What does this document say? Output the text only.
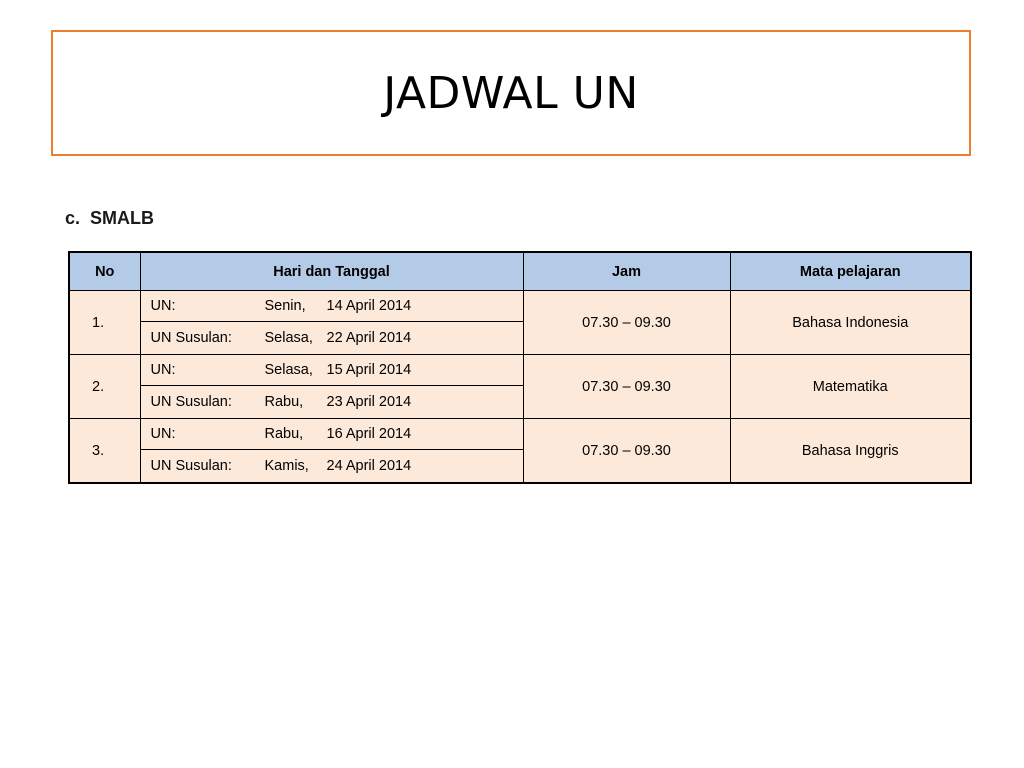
JADWAL UN
c.  SMALB
No	Hari dan Tanggal	Jam	Mata pelajaran
1.	UN: Senin, 14 April 2014	07.30 – 09.30	Bahasa Indonesia

	UN Susulan: Selasa, 22 April 2014		

2.	UN: Selasa, 15 April 2014	07.30 – 09.30	Matematika

	UN Susulan: Rabu, 23 April 2014		

3.	UN: Rabu, 16 April 2014	07.30 – 09.30	Bahasa Inggris

	UN Susulan: Kamis, 24 April 2014		
